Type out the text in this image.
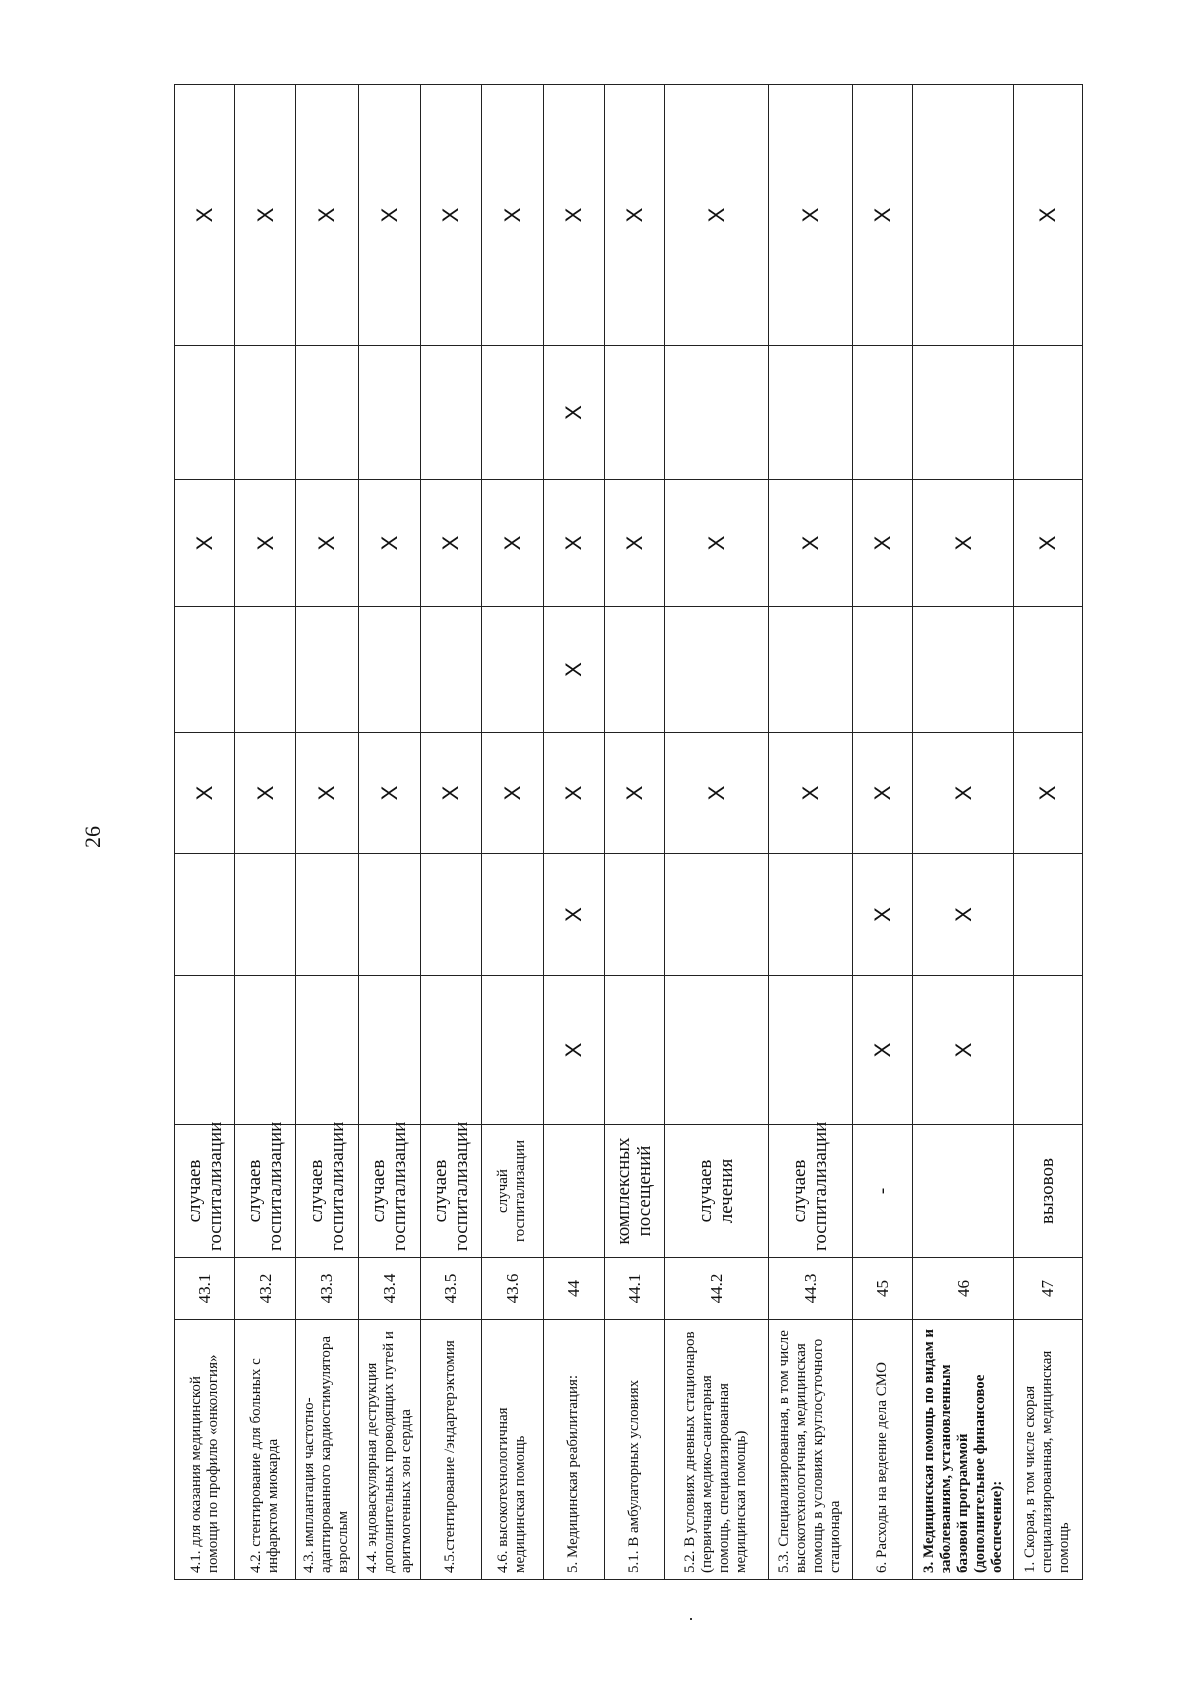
26
4.1. для оказания медицинской помощи по профилю «онкология»	43.1	случаев госпитализации			X		X		X
4.2. стентирование для больных с инфарктом миокарда	43.2	случаев госпитализации			X		X		X
4.3. имплантация частотно-адаптированного кардиостимулятора взрослым	43.3	случаев госпитализации			X		X		X
4.4. эндоваскулярная деструкция дополнительных проводящих путей и аритмогенных зон сердца	43.4	случаев госпитализации			X		X		X
4.5.стентирование /эндартерэктомия	43.5	случаев госпитализации			X		X		X
4.6. высокотехнологичная медицинская помощь	43.6	случай госпитализации			X		X		X
5. Медицинская реабилитация:	44		X	X	X	X	X	X	X
5.1. В амбулаторных условиях	44.1	комплексных посещений			X		X		X
5.2. В условиях дневных стационаров (первичная медико-санитарная помощь, специализированная медицинская помощь)	44.2	случаев лечения			X		X		X
5.3. Специализированная, в том числе высокотехнологичная, медицинская помощь в условиях круглосуточного стационара	44.3	случаев госпитализации			X		X		X
6. Расходы на ведение дела СМО	45	-	X	X	X		X		X
3. Медицинская помощь по видам и заболеваниям, установленным базовой программой (дополнительное финансовое обеспечение):	46		X	X	X		X		
1. Скорая, в том числе скорая специализированная, медицинская помощь	47	вызовов			X		X		X
